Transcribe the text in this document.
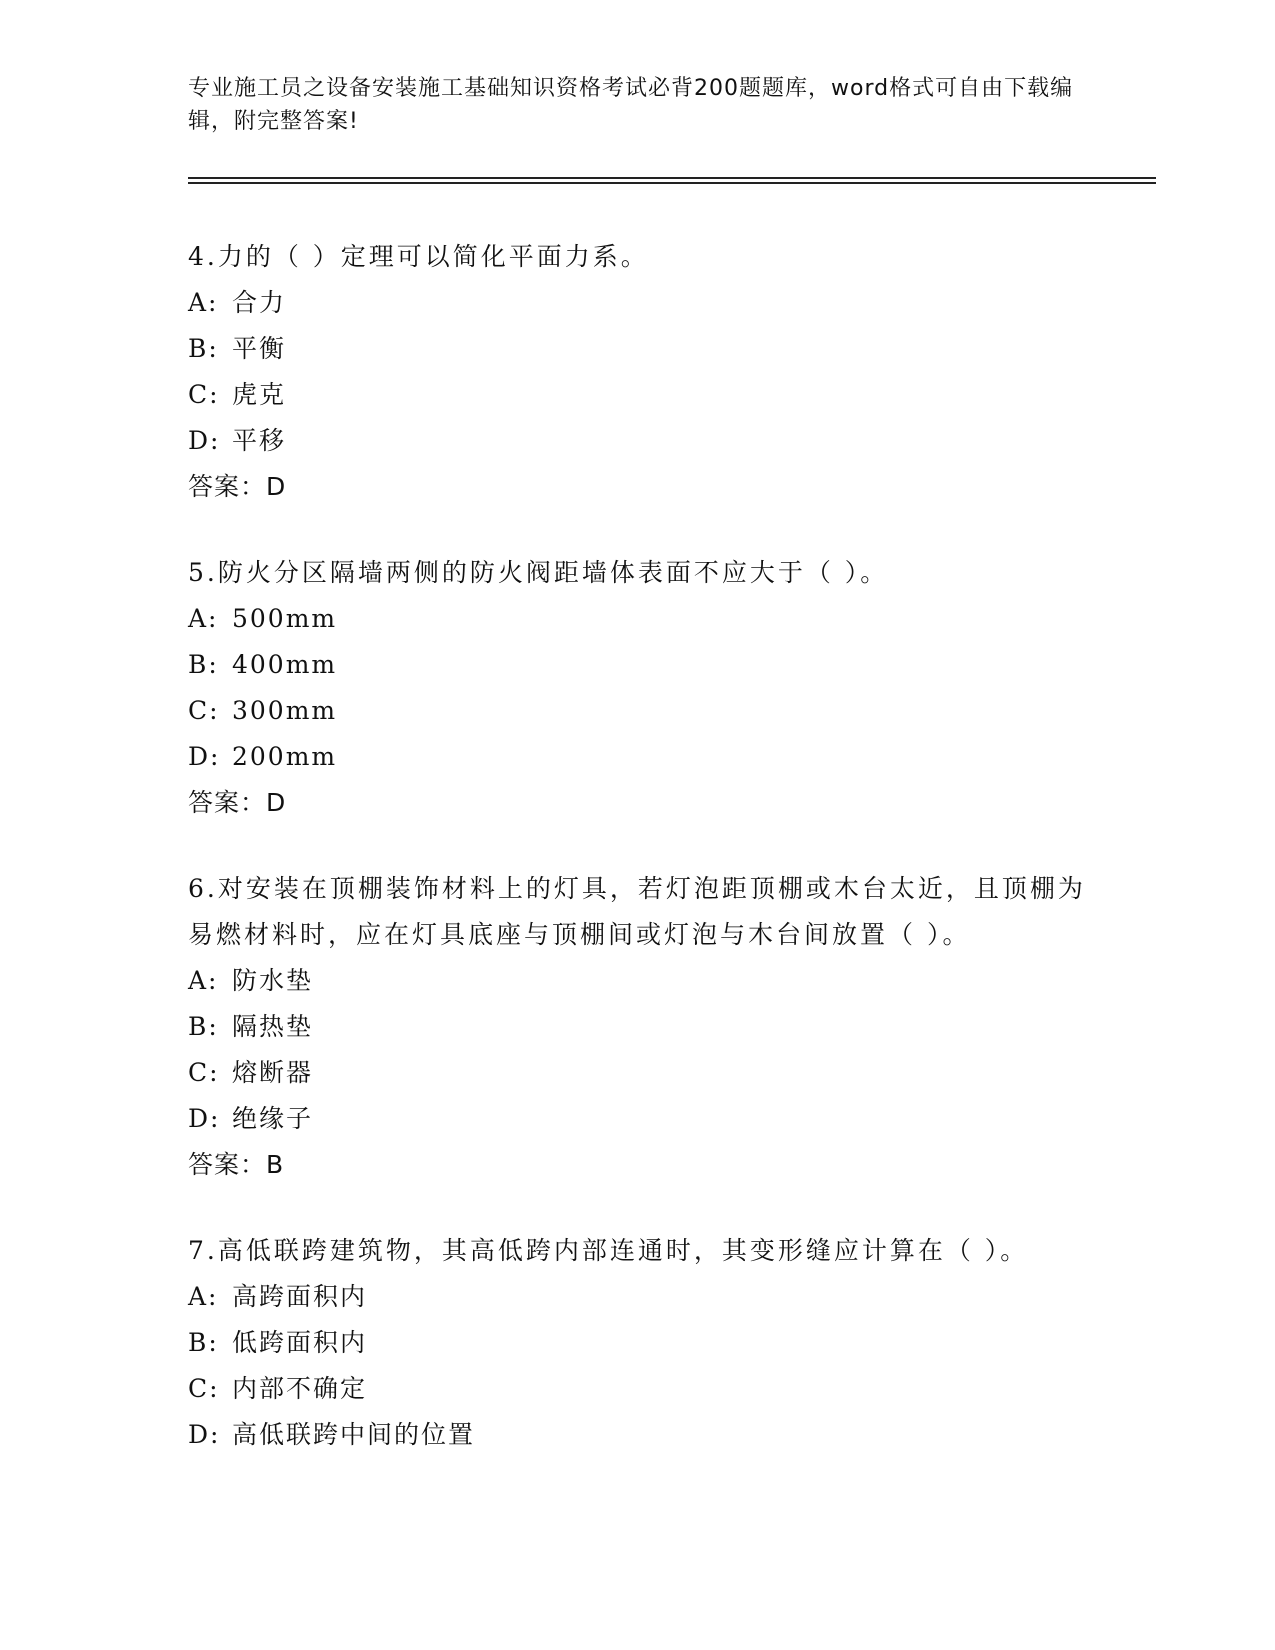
专业施工员之设备安装施工基础知识资格考试必背200题题库，word格式可自由下载编辑，附完整答案!
4.力的（ ）定理可以简化平面力系。
A: 合力
B: 平衡
C: 虎克
D: 平移
答案：D
5.防火分区隔墙两侧的防火阀距墙体表面不应大于（ ）。
A: 500mm
B: 400mm
C: 300mm
D: 200mm
答案：D
6.对安装在顶棚装饰材料上的灯具，若灯泡距顶棚或木台太近，且顶棚为易燃材料时，应在灯具底座与顶棚间或灯泡与木台间放置（ ）。
A: 防水垫
B: 隔热垫
C: 熔断器
D: 绝缘子
答案：B
7.高低联跨建筑物，其高低跨内部连通时，其变形缝应计算在（ ）。
A: 高跨面积内
B: 低跨面积内
C: 内部不确定
D: 高低联跨中间的位置
